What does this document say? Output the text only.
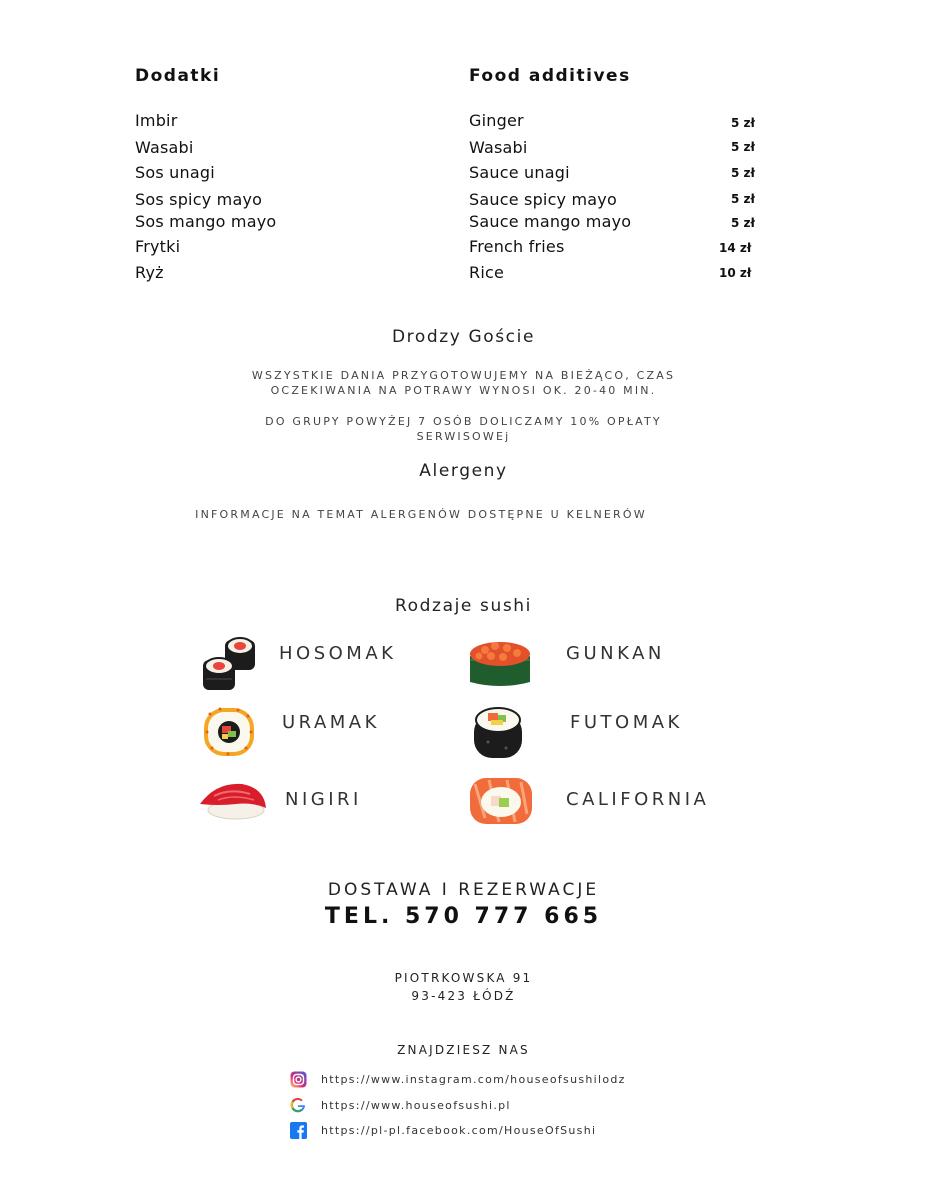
Dodatki	Food additives
Imbir	Ginger	5 zł
Wasabi	Wasabi	5 zł
Sos unagi	Sauce unagi	5 zł
Sos spicy mayo	Sauce spicy mayo	5 zł
Sos mango mayo	Sauce mango mayo	5 zł
Frytki	French fries	14 zł
Ryż	Rice	10 zł
Drodzy Goście
WSZYSTKIE DANIA PRZYGOTOWUJEMY NA BIEŻĄCO, CZAS
OCZEKIWANIA NA POTRAWY WYNOSI OK. 20-40 MIN.
DO GRUPY POWYŻEJ 7 OSÓB DOLICZAMY 10% OPŁATY
SERWISOWEj
Alergeny
INFORMACJE NA TEMAT ALERGENÓW DOSTĘPNE U KELNERÓW
Rodzaje sushi
HOSOMAK	GUNKAN
URAMAK	FUTOMAK
NIGIRI	CALIFORNIA
DOSTAWA I REZERWACJE
TEL. 570 777 665
PIOTRKOWSKA 91
93-423 ŁÓDŹ
ZNAJDZIESZ NAS
https://www.instagram.com/houseofsushilodz
https://www.houseofsushi.pl
https://pl-pl.facebook.com/HouseOfSushi
